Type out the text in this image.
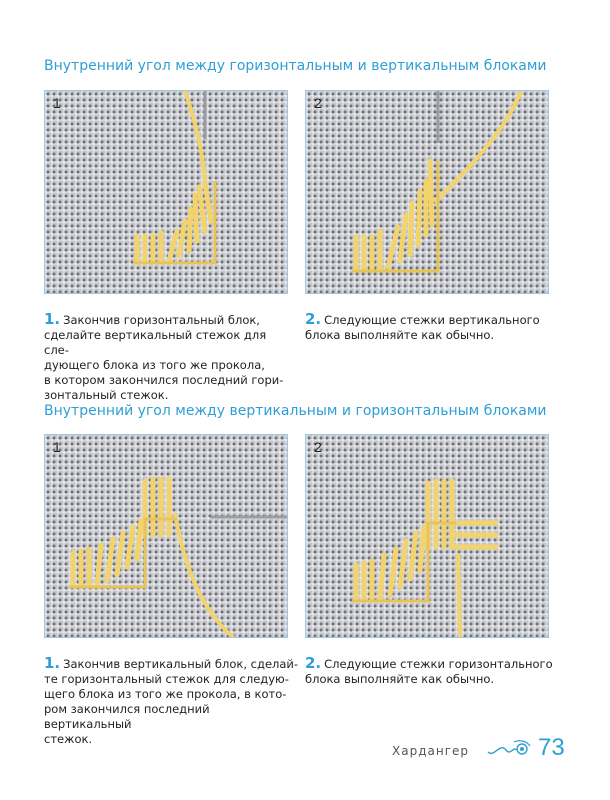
Внутренний угол между горизонтальным и вертикальным блоками
1	2
1. Закончив горизонтальный блок,
сделайте вертикальный стежок для сле-
дующего блока из того же прокола,
в котором закончился последний гори-
зонтальный стежок.
2. Следующие стежки вертикального
блока выполняйте как обычно.
Внутренний угол между вертикальным и горизонтальным блоками
1	2
1. Закончив вертикальный блок, сделай-
те горизонтальный стежок для следую-
щего блока из того же прокола, в кото-
ром закончился последний вертикальный
стежок.
2. Следующие стежки горизонтального
блока выполняйте как обычно.
Хардангер	73
